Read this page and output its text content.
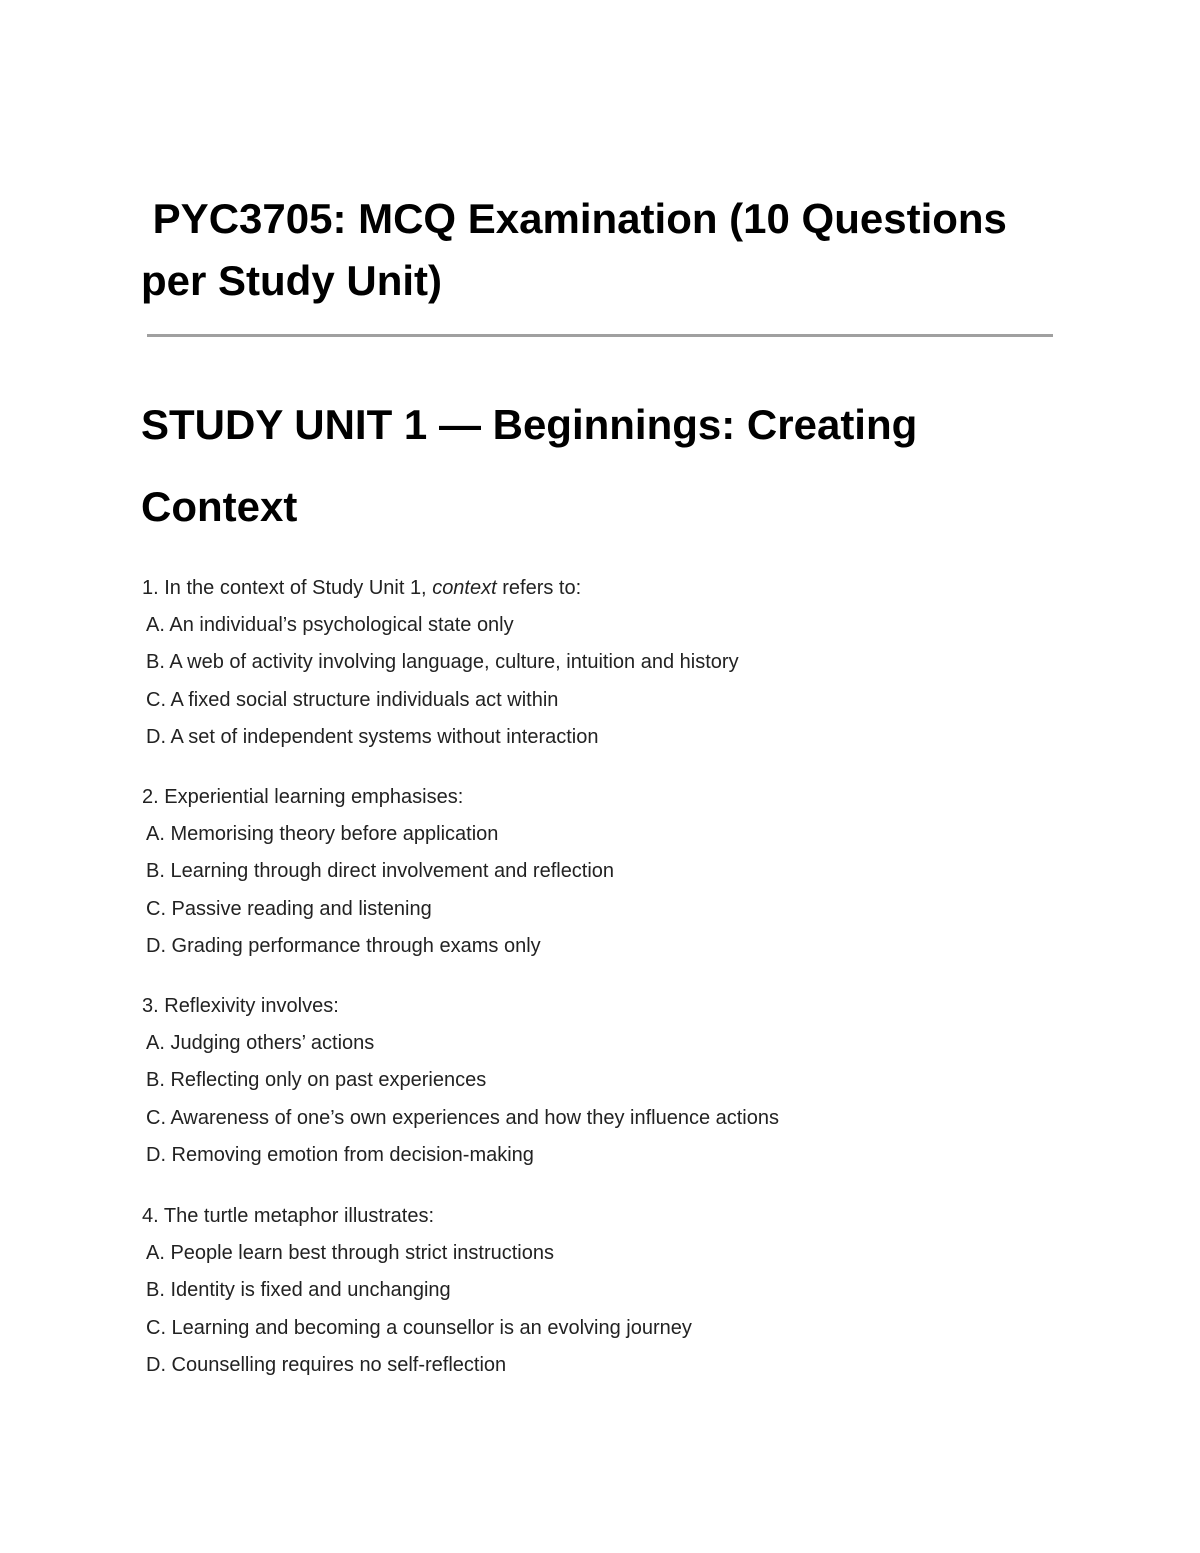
PYC3705: MCQ Examination (10 Questions per Study Unit)
STUDY UNIT 1 — Beginnings: Creating Context
1. In the context of Study Unit 1, context refers to:
A. An individual’s psychological state only
B. A web of activity involving language, culture, intuition and history
C. A fixed social structure individuals act within
D. A set of independent systems without interaction
2. Experiential learning emphasises:
A. Memorising theory before application
B. Learning through direct involvement and reflection
C. Passive reading and listening
D. Grading performance through exams only
3. Reflexivity involves:
A. Judging others’ actions
B. Reflecting only on past experiences
C. Awareness of one’s own experiences and how they influence actions
D. Removing emotion from decision-making
4. The turtle metaphor illustrates:
A. People learn best through strict instructions
B. Identity is fixed and unchanging
C. Learning and becoming a counsellor is an evolving journey
D. Counselling requires no self-reflection
